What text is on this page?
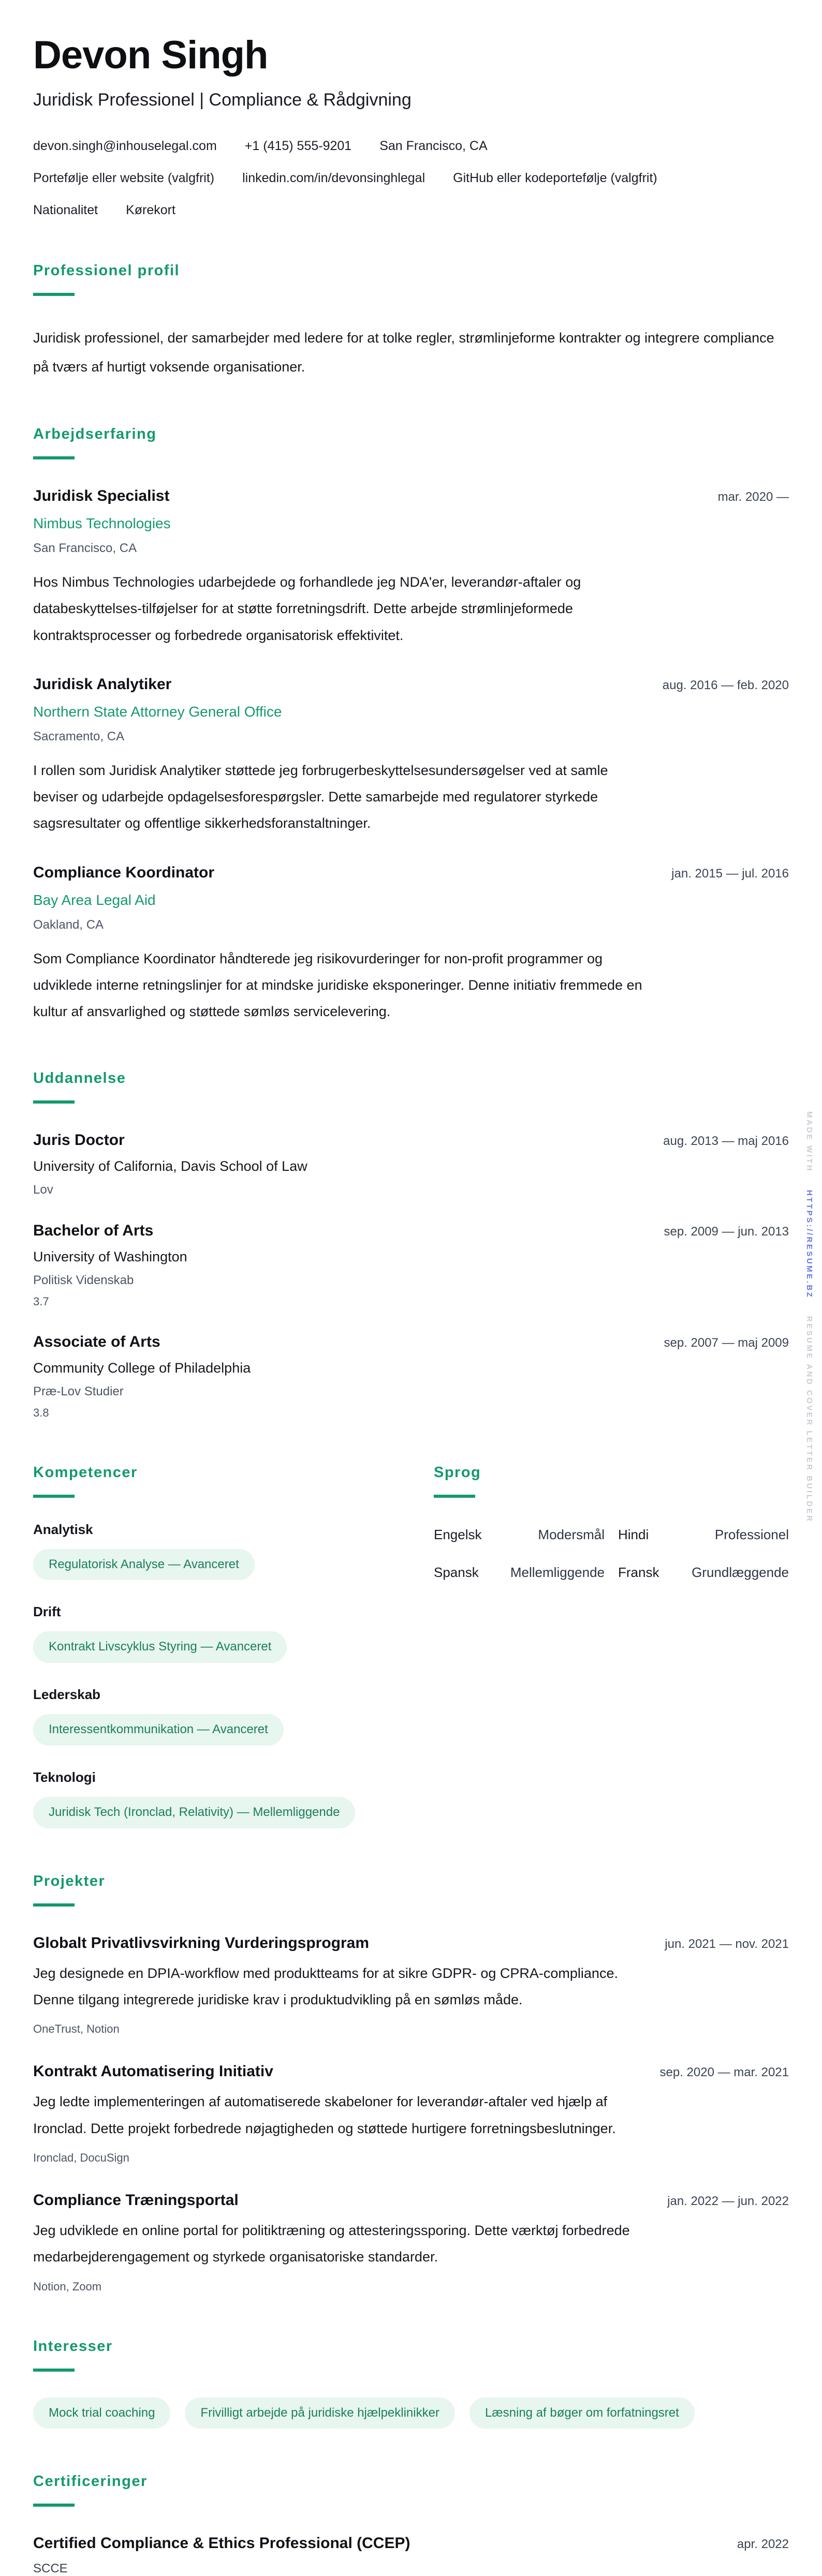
Devon Singh
Juridisk Professionel | Compliance & Rådgivning
devon.singh@inhouselegal.com +1 (415) 555-9201 San Francisco, CA
Portefølje eller website (valgfrit) linkedin.com/in/devonsinghlegal GitHub eller kodeportefølje (valgfrit)
Nationalitet Kørekort
Professionel profil

Juridisk professionel, der samarbejder med ledere for at tolke regler, strømlinjeforme kontrakter og integrere compliance på tværs af hurtigt voksende organisationer.

Arbejdserfaring
Juridisk Specialist	mar. 2020 —
Nimbus Technologies
San Francisco, CA

Hos Nimbus Technologies udarbejdede og forhandlede jeg NDA'er, leverandør-aftaler og databeskyttelses-tilføjelser for at støtte forretningsdrift. Dette arbejde strømlinjeformede kontraktsprocesser og forbedrede organisatorisk effektivitet.

Juridisk Analytiker	aug. 2016 — feb. 2020
Northern State Attorney General Office
Sacramento, CA

I rollen som Juridisk Analytiker støttede jeg forbrugerbeskyttelsesundersøgelser ved at samle beviser og udarbejde opdagelsesforespørgsler. Dette samarbejde med regulatorer styrkede sagsresultater og offentlige sikkerhedsforanstaltninger.

Compliance Koordinator	jan. 2015 — jul. 2016
Bay Area Legal Aid
Oakland, CA

Som Compliance Koordinator håndterede jeg risikovurderinger for non-profit programmer og udviklede interne retningslinjer for at mindske juridiske eksponeringer. Denne initiativ fremmede en kultur af ansvarlighed og støttede sømløs servicelevering.

Uddannelse
Juris Doctor	aug. 2013 — maj 2016
University of California, Davis School of Law
Lov
Bachelor of Arts	sep. 2009 — jun. 2013
University of Washington
Politisk Videnskab
3.7
Associate of Arts	sep. 2007 — maj 2009
Community College of Philadelphia
Præ-Lov Studier
3.8
Kompetencer
Analytisk
Regulatorisk Analyse — Avanceret
Drift
Kontrakt Livscyklus Styring — Avanceret
Lederskab
Interessentkommunikation — Avanceret
Teknologi
Juridisk Tech (Ironclad, Relativity) — Mellemliggende
Sprog
Engelsk	Modersmål Hindi	Professionel
Spansk	Mellemliggende Fransk	Grundlæggende
Projekter
Globalt Privatlivsvirkning Vurderingsprogram	jun. 2021 — nov. 2021

Jeg designede en DPIA-workflow med produktteams for at sikre GDPR- og CPRA-compliance. Denne tilgang integrerede juridiske krav i produktudvikling på en sømløs måde.

OneTrust, Notion
Kontrakt Automatisering Initiativ	sep. 2020 — mar. 2021

Jeg ledte implementeringen af automatiserede skabeloner for leverandør-aftaler ved hjælp af Ironclad. Dette projekt forbedrede nøjagtigheden og støttede hurtigere forretningsbeslutninger.

Ironclad, DocuSign
Compliance Træningsportal	jan. 2022 — jun. 2022

Jeg udviklede en online portal for politiktræning og attesteringssporing. Dette værktøj forbedrede medarbejderengagement og styrkede organisatoriske standarder.

Notion, Zoom
Interesser
Mock trial coaching	Frivilligt arbejde på juridiske hjælpeklinikker	Læsning af bøger om forfatningsret
Certificeringer
Certified Compliance & Ethics Professional (CCEP)	apr. 2022
SCCE
MADE WITH HTTPS://RESUME.BZ RESUME AND COVER LETTER BUILDER
